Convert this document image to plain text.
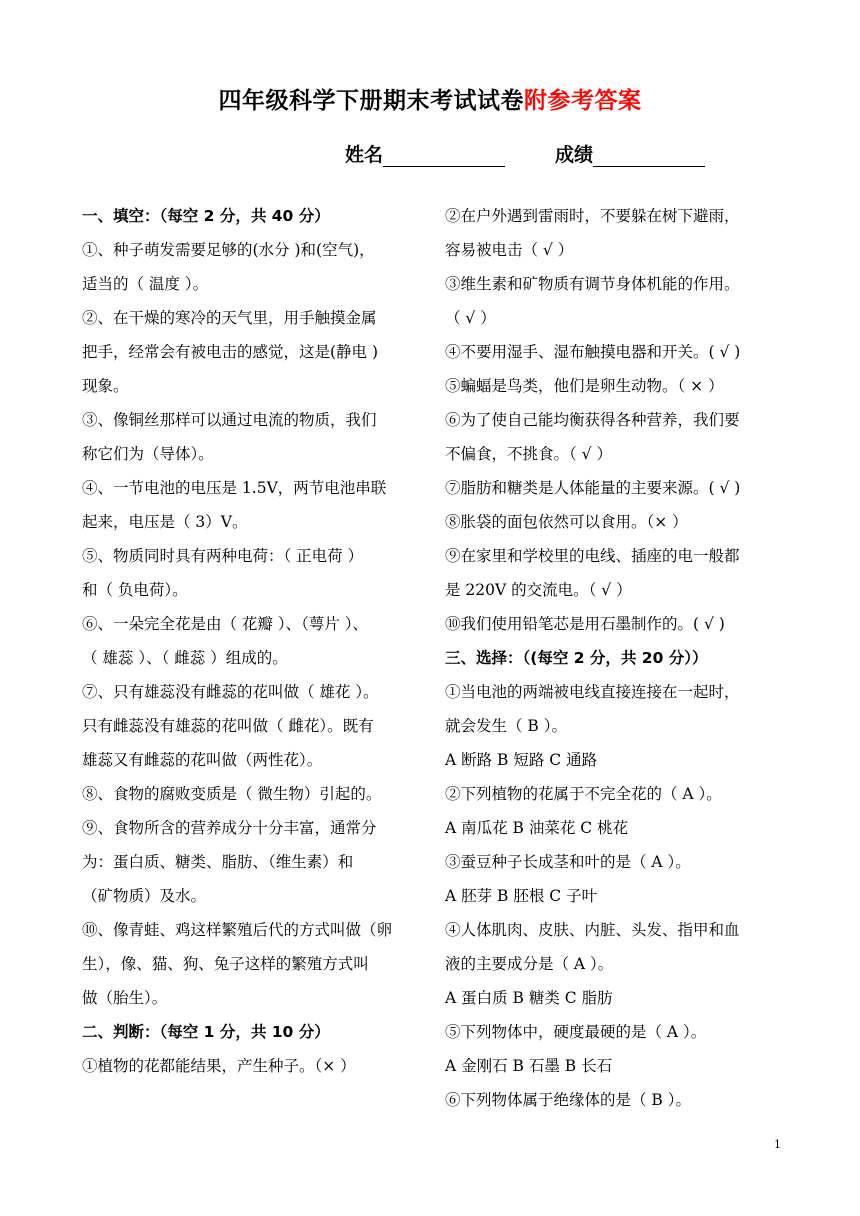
四年级科学下册期末考试试卷附参考答案
姓名	成绩
一、填空：（每空 2 分，共 40 分）
①、种子萌发需要足够的(水分 )和(空气)，
适当的（ 温度 ）。
②、在干燥的寒冷的天气里，用手触摸金属
把手，经常会有被电击的感觉，这是(静电 )
现象。
③、像铜丝那样可以通过电流的物质，我们
称它们为（导体）。
④、一节电池的电压是 1.5V，两节电池串联
起来，电压是（ 3）V。
⑤、物质同时具有两种电荷：（ 正电荷 ）
和（ 负电荷）。
⑥、一朵完全花是由（ 花瓣 ）、（萼片 ）、
（ 雄蕊 ）、（ 雌蕊 ）组成的。
⑦、只有雄蕊没有雌蕊的花叫做（ 雄花 ）。
只有雌蕊没有雄蕊的花叫做（ 雌花）。既有
雄蕊又有雌蕊的花叫做（两性花）。
⑧、食物的腐败变质是（ 微生物）引起的。
⑨、食物所含的营养成分十分丰富，通常分
为：蛋白质、糖类、脂肪、（维生素）和
（矿物质）及水。
⑩、像青蛙、鸡这样繁殖后代的方式叫做（卵
生），像、猫、狗、兔子这样的繁殖方式叫
做（胎生）。
二、判断：（每空 1 分，共 10 分）
①植物的花都能结果，产生种子。（× ）
②在户外遇到雷雨时，不要躲在树下避雨，
容易被电击（ √ ）
③维生素和矿物质有调节身体机能的作用。
（ √ ）
④不要用湿手、湿布触摸电器和开关。( √ )
⑤蝙蝠是鸟类，他们是卵生动物。（ × ）
⑥为了使自己能均衡获得各种营养，我们要
不偏食，不挑食。（ √ ）
⑦脂肪和糖类是人体能量的主要来源。( √ )
⑧胀袋的面包依然可以食用。（× ）
⑨在家里和学校里的电线、插座的电一般都
是 220V 的交流电。（ √ ）
⑩我们使用铅笔芯是用石墨制作的。( √ )
三、选择：（(每空 2 分，共 20 分））
①当电池的两端被电线直接连接在一起时，
就会发生（ B ）。
A 断路 B 短路 C 通路
②下列植物的花属于不完全花的（ A ）。
A 南瓜花 B 油菜花 C 桃花
③蚕豆种子长成茎和叶的是（ A ）。
A 胚芽 B 胚根 C 子叶
④人体肌肉、皮肤、内脏、头发、指甲和血
液的主要成分是（ A ）。
A 蛋白质 B 糖类 C 脂肪
⑤下列物体中，硬度最硬的是（ A ）。
A 金刚石 B 石墨 B 长石
⑥下列物体属于绝缘体的是（ B ）。
1
